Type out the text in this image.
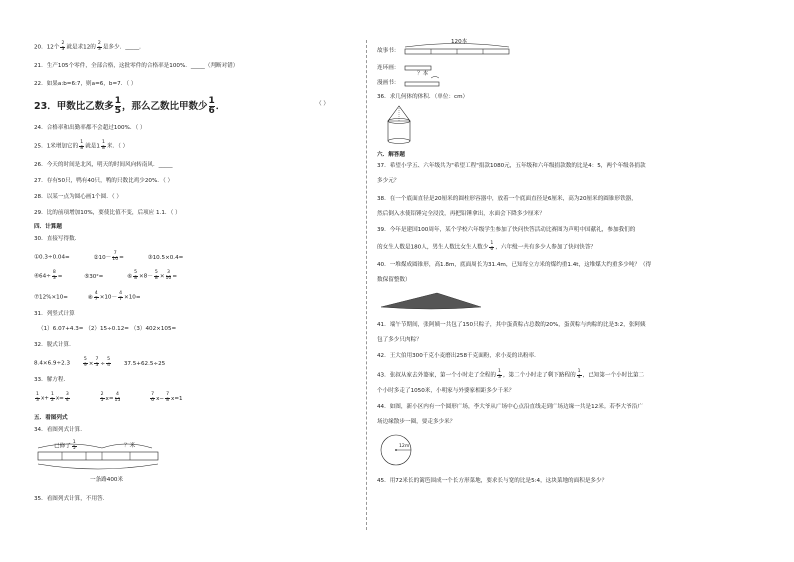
20．12个 $\frac{2}{3}$ 就是求12的 $\frac{2}{3}$ 是多少．_____．
21．生产105个零件，全部合格，这批零件的合格率是100%．_____（判断对错）
22．如果a:b=6:7，则a=6，b=7．（ ）
23．甲数比乙数多 $\frac{1}{5}$，那么乙数比甲数少 $\frac{1}{6}$．	（ ）
24．合格率和出勤率都不会超过100%．（ ）
25．1米增加它的 $\frac{1}{8}$ 就是$1 \frac{1}{8}$ 米．（ ）
26．今天的时间是北风，明天的时间风向转南风．_____
27．存有50只，鸭有40只，鸭的只数比鸡少20%．（ ）
28．以某一点为圆心画1个圆．（ ）
29．比的前项增加10%，要使比值不变，后项应 1.1．（ ）
四．计算题
30．直接写得数．
①0.3÷0.04=	②10－ $\frac{7}{10}$ =	③10.5×0.4=
④64÷ $\frac{8}{3}$ =	⑤30²=	⑥ $\frac{5}{8} \times 8- \frac{5}{8} \times \frac{3}{10}$ =
⑦12%×10=	⑧ $\frac{4}{7} \times 10- \frac{4}{7} \times 10=$
31．列竖式计算
（1）6.07+4.3= （2）15÷0.12= （3）402×105=
32．脱式计算．
8.4×6.9÷2.3	$\frac{5}{9} \times \frac{7}{3} \div \frac{5}{4} 37.5+62.5\div 25$
33．解方程．
$\frac{1}{3} x+ \frac{1}{2} x= \frac{3}{4}$
	$\frac{2}{5} x= \frac{4}{15}$
	$\frac{7}{6} x- \frac{7}{8} x=1$
五．看图列式
34．看图列式计算．
已修了 $\frac{1}{5}$	？米
一条路400米
35．看图列式计算，不用答.
故事书：
连环画：
漫画书：
120本
？本
36．求几何体的体积．（单位：cm）
六．解答题
37．希望小学五、六年级共为"希望工程"捐款1080元，五年级和六年级捐款数的比是4：5，两个年级各捐款
多少元？
38．在一个底面直径是20厘米的圆柱形容器中，放着一个底面直径是6厘米，高为20厘米的圆锥形铁器，
然后倒入水使铅锤完全浸没，再把铅锤拿出，水面会下降多少厘米？
39．今年是建国100周年，某个学校六年级学生参加了快问快答活动比赛图为声明中国献礼，参加我们的
的女生人数是180人，男生人数比女生人数少 $\frac{1}{6}$ ，六年级一共有多少人参加了快问快答？
40．一堆煤成圆锥形，高1.8m，底面周长为31.4m，已知每立方米的煤约重1.4t，这堆煤大约重多少吨？（得
数保留整数）
41．端午节期间，张阿姨一共包了150只粽子，其中蛋黄粽占总数的20%，蛋黄粽与肉粽的比是3:2，张阿姨
包了多少只肉粽？
42．王大伯用300千克小麦磨出258千克面粉，求小麦的出粉率．
43．张叔从家去外婆家，第一个小时走了全程的 $\frac{1}{3}$ ，第二个小时走了剩下路程的 $\frac{1}{4}$ ，已知第一个小时比第二
个小时多走了1050米，小明家与外婆家相距多少千米？
44．如图，新小区内有一个圆形广场，李大爷从广场中心点沿直线走到广场边缘一共是12米。若李大爷沿广
场边缘散步一圈，要走多少米？
12m
45．用72米长的篱笆围成一个长方形菜地，要求长与宽的比是5:4，这块菜地的面积是多少？
